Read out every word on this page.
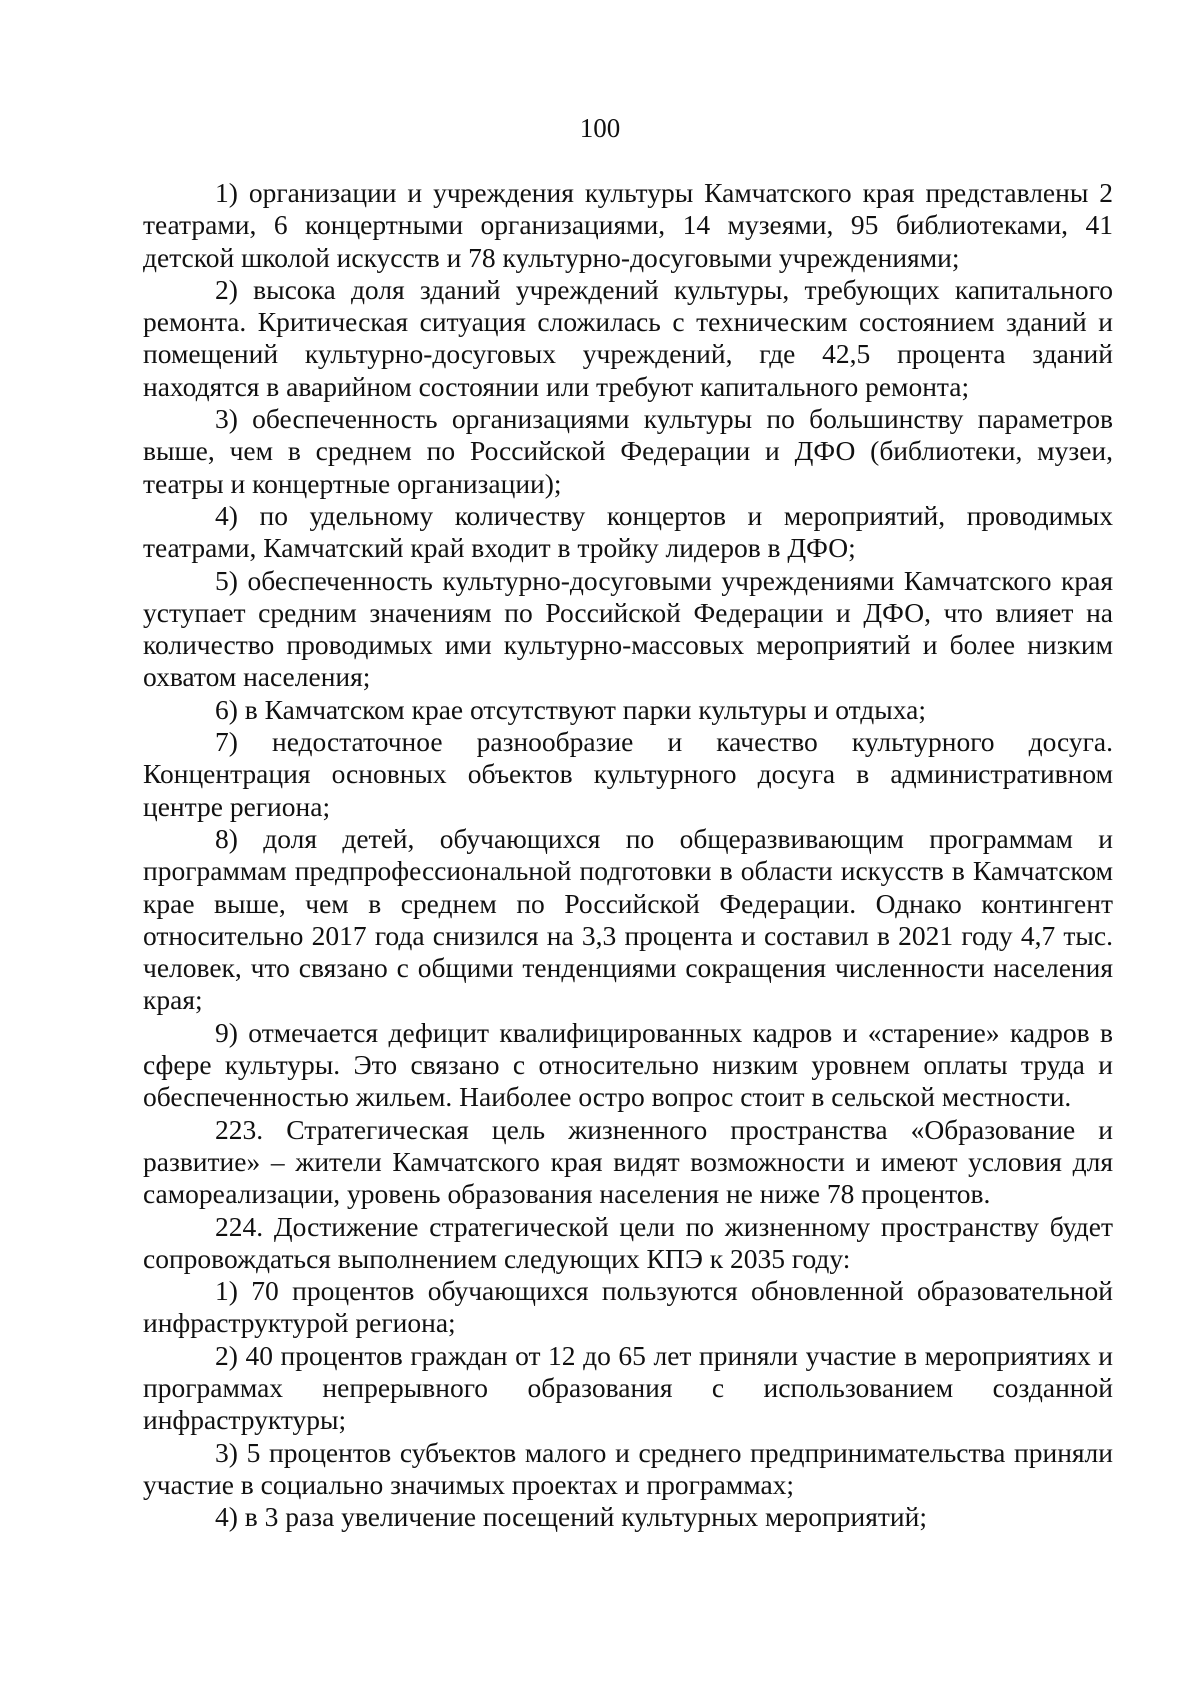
100

1) организации и учреждения культуры Камчатского края представлены 2 театрами, 6 концертными организациями, 14 музеями, 95 библиотеками, 41 детской школой искусств и 78 культурно-досуговыми учреждениями;

2) высока доля зданий учреждений культуры, требующих капитального ремонта. Критическая ситуация сложилась с техническим состоянием зданий и помещений культурно-досуговых учреждений, где 42,5 процента зданий находятся в аварийном состоянии или требуют капитального ремонта;

3) обеспеченность организациями культуры по большинству параметров выше, чем в среднем по Российской Федерации и ДФО (библиотеки, музеи, театры и концертные организации);

4) по удельному количеству концертов и мероприятий, проводимых театрами, Камчатский край входит в тройку лидеров в ДФО;

5) обеспеченность культурно-досуговыми учреждениями Камчатского края уступает средним значениям по Российской Федерации и ДФО, что влияет на количество проводимых ими культурно-массовых мероприятий и более низким охватом населения;

6) в Камчатском крае отсутствуют парки культуры и отдыха;

7) недостаточное разнообразие и качество культурного досуга. Концентрация основных объектов культурного досуга в административном центре региона;

8) доля детей, обучающихся по общеразвивающим программам и программам предпрофессиональной подготовки в области искусств в Камчатском крае выше, чем в среднем по Российской Федерации. Однако контингент относительно 2017 года снизился на 3,3 процента и составил в 2021 году 4,7 тыс. человек, что связано с общими тенденциями сокращения численности населения края;

9) отмечается дефицит квалифицированных кадров и «старение» кадров в сфере культуры. Это связано с относительно низким уровнем оплаты труда и обеспеченностью жильем. Наиболее остро вопрос стоит в сельской местности.

223. Стратегическая цель жизненного пространства «Образование и развитие» – жители Камчатского края видят возможности и имеют условия для самореализации, уровень образования населения не ниже 78 процентов.

224. Достижение стратегической цели по жизненному пространству будет сопровождаться выполнением следующих КПЭ к 2035 году:

1) 70 процентов обучающихся пользуются обновленной образовательной инфраструктурой региона;

2) 40 процентов граждан от 12 до 65 лет приняли участие в мероприятиях и программах непрерывного образования с использованием созданной инфраструктуры;

3) 5 процентов субъектов малого и среднего предпринимательства приняли участие в социально значимых проектах и программах;

4) в 3 раза увеличение посещений культурных мероприятий;
